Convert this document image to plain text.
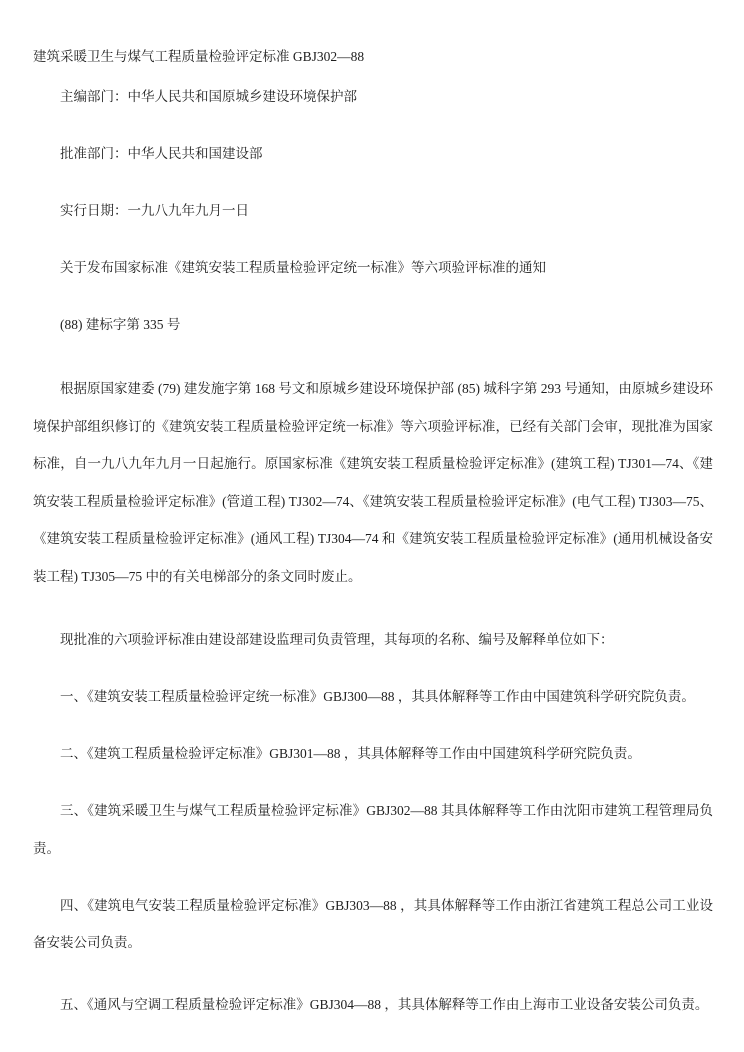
建筑采暖卫生与煤气工程质量检验评定标准 GBJ302—88

主编部门：中华人民共和国原城乡建设环境保护部

批准部门：中华人民共和国建设部

实行日期：一九八九年九月一日

关于发布国家标准《建筑安装工程质量检验评定统一标准》等六项验评标准的通知

(88) 建标字第 335 号

根据原国家建委 (79) 建发施字第 168 号文和原城乡建设环境保护部 (85) 城科字第 293 号通知，由原城乡建设环境保护部组织修订的《建筑安装工程质量检验评定统一标准》等六项验评标准，已经有关部门会审，现批准为国家标准，自一九八九年九月一日起施行。原国家标准《建筑安装工程质量检验评定标准》(建筑工程) TJ301—74、《建筑安装工程质量检验评定标准》(管道工程) TJ302—74、《建筑安装工程质量检验评定标准》(电气工程) TJ303—75、《建筑安装工程质量检验评定标准》(通风工程) TJ304—74 和《建筑安装工程质量检验评定标准》(通用机械设备安装工程) TJ305—75 中的有关电梯部分的条文同时废止。

现批准的六项验评标准由建设部建设监理司负责管理，其每项的名称、编号及解释单位如下：

一、《建筑安装工程质量检验评定统一标准》GBJ300—88 ，其具体解释等工作由中国建筑科学研究院负责。

二、《建筑工程质量检验评定标准》GBJ301—88 ，其具体解释等工作由中国建筑科学研究院负责。

三、《建筑采暖卫生与煤气工程质量检验评定标准》GBJ302—88 其具体解释等工作由沈阳市建筑工程管理局负责。

四、《建筑电气安装工程质量检验评定标准》GBJ303—88 ，其具体解释等工作由浙江省建筑工程总公司工业设备安装公司负责。

五、《通风与空调工程质量检验评定标准》GBJ304—88 ，其具体解释等工作由上海市工业设备安装公司负责。
